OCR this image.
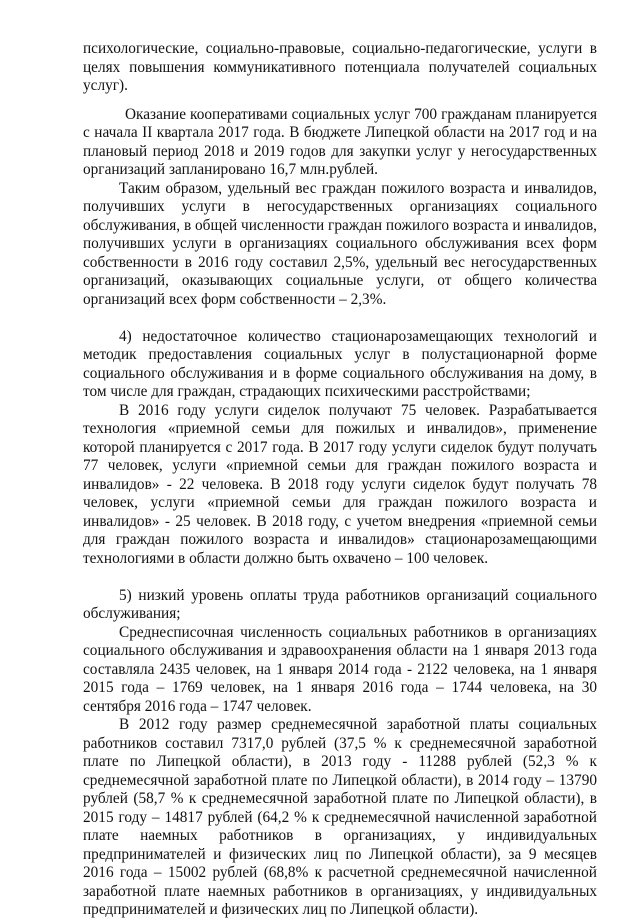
психологические, социально-правовые, социально-педагогические, услуги в целях повышения коммуникативного потенциала получателей социальных услуг).

Оказание кооперативами социальных услуг 700 гражданам планируется с начала II квартала 2017 года. В бюджете Липецкой области на 2017 год и на плановый период 2018 и 2019 годов для закупки услуг у негосударственных организаций запланировано 16,7 млн.рублей.

Таким образом, удельный вес граждан пожилого возраста и инвалидов, получивших услуги в негосударственных организациях социального обслуживания, в общей численности граждан пожилого возраста и инвалидов, получивших услуги в организациях социального обслуживания всех форм собственности в 2016 году составил 2,5%, удельный вес негосударственных организаций, оказывающих социальные услуги, от общего количества организаций всех форм собственности – 2,3%.

4) недостаточное количество стационарозамещающих технологий и методик предоставления социальных услуг в полустационарной форме социального обслуживания и в форме социального обслуживания на дому, в том числе для граждан, страдающих психическими расстройствами;

В 2016 году услуги сиделок получают 75 человек. Разрабатывается технология «приемной семьи для пожилых и инвалидов», применение которой планируется с 2017 года. В 2017 году услуги сиделок будут получать 77 человек, услуги «приемной семьи для граждан пожилого возраста и инвалидов» - 22 человека. В 2018 году услуги сиделок будут получать 78 человек, услуги «приемной семьи для граждан пожилого возраста и инвалидов» - 25 человек. В 2018 году, с учетом внедрения «приемной семьи для граждан пожилого возраста и инвалидов» стационарозамещающими технологиями в области должно быть охвачено – 100 человек.

5) низкий уровень оплаты труда работников организаций социального обслуживания;

Среднесписочная численность социальных работников в организациях социального обслуживания и здравоохранения области на 1 января 2013 года составляла 2435 человек, на 1 января 2014 года - 2122 человека, на 1 января 2015 года – 1769 человек, на 1 января 2016 года – 1744 человека, на 30 сентября 2016 года – 1747 человек.

В 2012 году размер среднемесячной заработной платы социальных работников составил 7317,0 рублей (37,5 % к среднемесячной заработной плате по Липецкой области), в 2013 году - 11288 рублей (52,3 % к среднемесячной заработной плате по Липецкой области), в 2014 году – 13790 рублей (58,7 % к среднемесячной заработной плате по Липецкой области), в 2015 году – 14817 рублей (64,2 % к среднемесячной начисленной заработной плате наемных работников в организациях, у индивидуальных предпринимателей и физических лиц по Липецкой области), за 9 месяцев 2016 года – 15002 рублей (68,8% к расчетной среднемесячной начисленной заработной плате наемных работников в организациях, у индивидуальных предпринимателей и физических лиц по Липецкой области).
